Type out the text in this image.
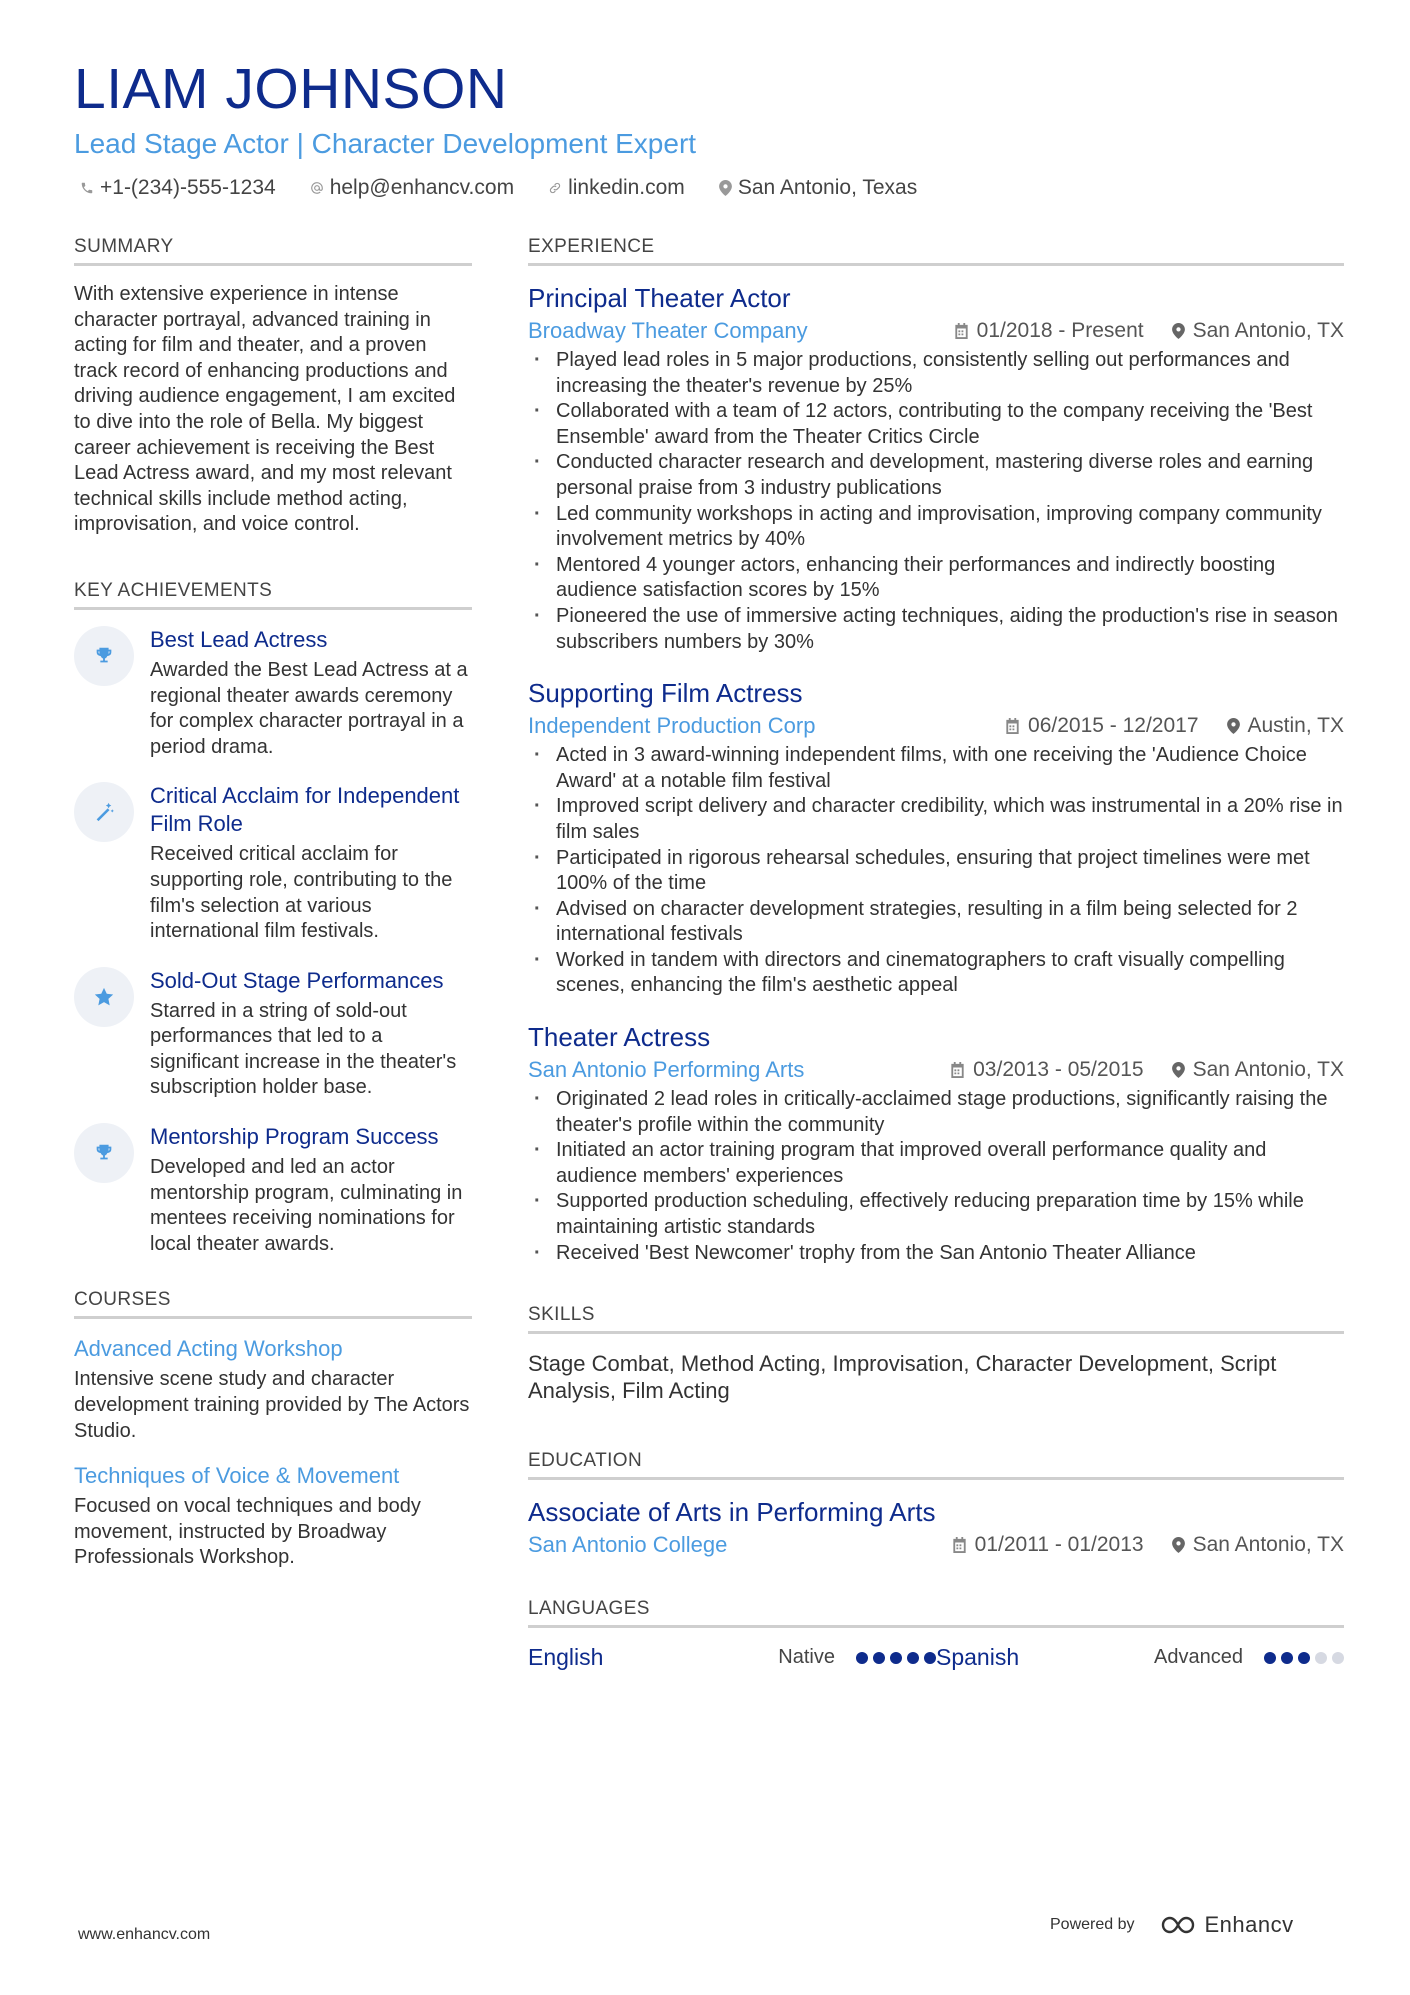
LIAM JOHNSON
Lead Stage Actor | Character Development Expert
+1-(234)-555-1234	help@enhancv.com	linkedin.com	San Antonio, Texas
SUMMARY
With extensive experience in intense character portrayal, advanced training in acting for film and theater, and a proven track record of enhancing productions and driving audience engagement, I am excited to dive into the role of Bella. My biggest career achievement is receiving the Best Lead Actress award, and my most relevant technical skills include method acting, improvisation, and voice control.
KEY ACHIEVEMENTS
Best Lead Actress
Awarded the Best Lead Actress at a regional theater awards ceremony for complex character portrayal in a period drama.
Critical Acclaim for Independent Film Role
Received critical acclaim for supporting role, contributing to the film's selection at various international film festivals.
Sold-Out Stage Performances
Starred in a string of sold-out performances that led to a significant increase in the theater's subscription holder base.
Mentorship Program Success
Developed and led an actor mentorship program, culminating in mentees receiving nominations for local theater awards.
COURSES
Advanced Acting Workshop
Intensive scene study and character development training provided by The Actors Studio.
Techniques of Voice & Movement
Focused on vocal techniques and body movement, instructed by Broadway Professionals Workshop.
EXPERIENCE
Principal Theater Actor
Broadway Theater Company	01/2018 - Present San Antonio, TX
· Played lead roles in 5 major productions, consistently selling out performances and increasing the theater's revenue by 25%
· Collaborated with a team of 12 actors, contributing to the company receiving the 'Best Ensemble' award from the Theater Critics Circle
· Conducted character research and development, mastering diverse roles and earning personal praise from 3 industry publications
· Led community workshops in acting and improvisation, improving company community involvement metrics by 40%
· Mentored 4 younger actors, enhancing their performances and indirectly boosting audience satisfaction scores by 15%
· Pioneered the use of immersive acting techniques, aiding the production's rise in season subscribers numbers by 30%
Supporting Film Actress
Independent Production Corp	06/2015 - 12/2017 Austin, TX
· Acted in 3 award-winning independent films, with one receiving the 'Audience Choice Award' at a notable film festival
· Improved script delivery and character credibility, which was instrumental in a 20% rise in film sales
· Participated in rigorous rehearsal schedules, ensuring that project timelines were met 100% of the time
· Advised on character development strategies, resulting in a film being selected for 2 international festivals
· Worked in tandem with directors and cinematographers to craft visually compelling scenes, enhancing the film's aesthetic appeal
Theater Actress
San Antonio Performing Arts	03/2013 - 05/2015 San Antonio, TX
· Originated 2 lead roles in critically-acclaimed stage productions, significantly raising the theater's profile within the community
· Initiated an actor training program that improved overall performance quality and audience members' experiences
· Supported production scheduling, effectively reducing preparation time by 15% while maintaining artistic standards
· Received 'Best Newcomer' trophy from the San Antonio Theater Alliance
SKILLS
Stage Combat, Method Acting, Improvisation, Character Development, Script Analysis, Film Acting
EDUCATION
Associate of Arts in Performing Arts
San Antonio College	01/2011 - 01/2013 San Antonio, TX
LANGUAGES
English	Native	Spanish	Advanced
www.enhancv.com
Powered by	Enhancv
